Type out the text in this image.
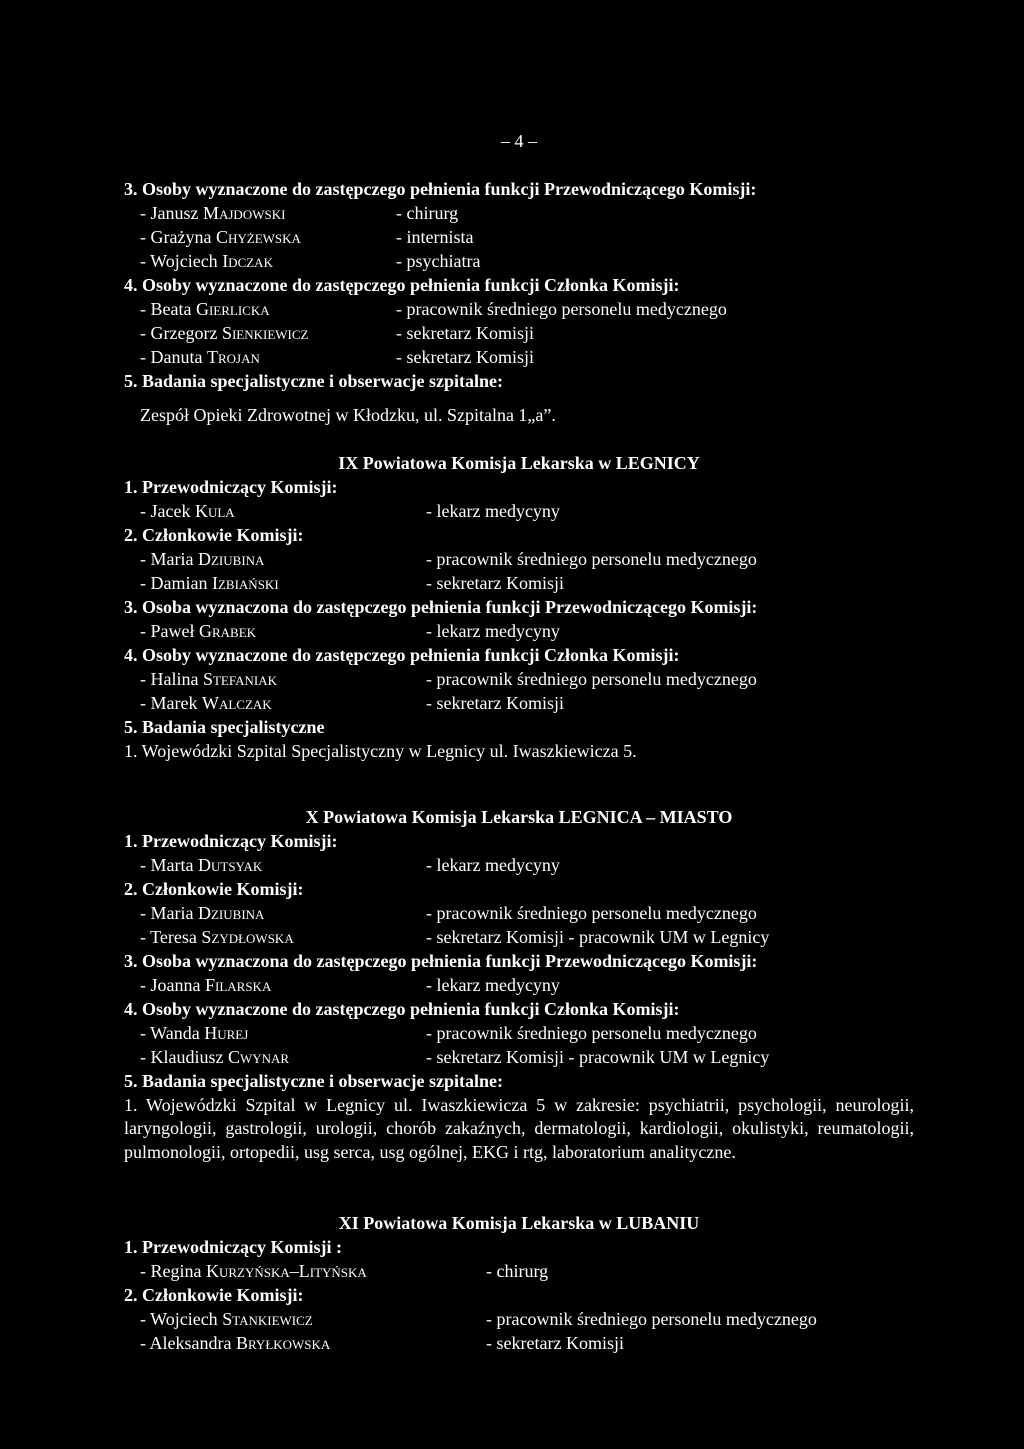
– 4 –
3. Osoby wyznaczone do zastępczego pełnienia funkcji Przewodniczącego Komisji:
- Janusz Majdowski	- chirurg
- Grażyna Chyżewska	- internista
- Wojciech Idczak	- psychiatra
4. Osoby wyznaczone do zastępczego pełnienia funkcji Członka Komisji:
- Beata Gierlicka	- pracownik średniego personelu medycznego
- Grzegorz Sienkiewicz	- sekretarz Komisji
- Danuta Trojan	- sekretarz Komisji
5. Badania specjalistyczne i obserwacje szpitalne:
Zespół Opieki Zdrowotnej w Kłodzku, ul. Szpitalna 1„a”.
IX Powiatowa Komisja Lekarska w LEGNICY
1. Przewodniczący Komisji:
- Jacek Kula	- lekarz medycyny
2. Członkowie Komisji:
- Maria Dziubina	- pracownik średniego personelu medycznego
- Damian Izbiański	- sekretarz Komisji
3. Osoba wyznaczona do zastępczego pełnienia funkcji Przewodniczącego Komisji:
- Paweł Grabek	- lekarz medycyny
4. Osoby wyznaczone do zastępczego pełnienia funkcji Członka Komisji:
- Halina Stefaniak	- pracownik średniego personelu medycznego
- Marek Walczak	- sekretarz Komisji
5. Badania specjalistyczne
1. Wojewódzki Szpital Specjalistyczny w Legnicy ul. Iwaszkiewicza 5.
X Powiatowa Komisja Lekarska LEGNICA – MIASTO
1. Przewodniczący Komisji:
- Marta Dutsyak	- lekarz medycyny
2. Członkowie Komisji:
- Maria Dziubina	- pracownik średniego personelu medycznego
- Teresa Szydłowska	- sekretarz Komisji - pracownik UM w Legnicy
3. Osoba wyznaczona do zastępczego pełnienia funkcji Przewodniczącego Komisji:
- Joanna Filarska	- lekarz medycyny
4. Osoby wyznaczone do zastępczego pełnienia funkcji Członka Komisji:
- Wanda Hurej	- pracownik średniego personelu medycznego
- Klaudiusz Cwynar	- sekretarz Komisji - pracownik UM w Legnicy
5. Badania specjalistyczne i obserwacje szpitalne:
1. Wojewódzki Szpital w Legnicy ul. Iwaszkiewicza 5 w zakresie: psychiatrii, psychologii, neurologii, laryngologii, gastrologii, urologii, chorób zakaźnych, dermatologii, kardiologii, okulistyki, reumatologii, pulmonologii, ortopedii, usg serca, usg ogólnej, EKG i rtg, laboratorium analityczne.
XI Powiatowa Komisja Lekarska w LUBANIU
1. Przewodniczący Komisji :
- Regina Kurzyńska–Lityńska	- chirurg
2. Członkowie Komisji:
- Wojciech Stankiewicz	- pracownik średniego personelu medycznego
- Aleksandra Bryłkowska	- sekretarz Komisji
